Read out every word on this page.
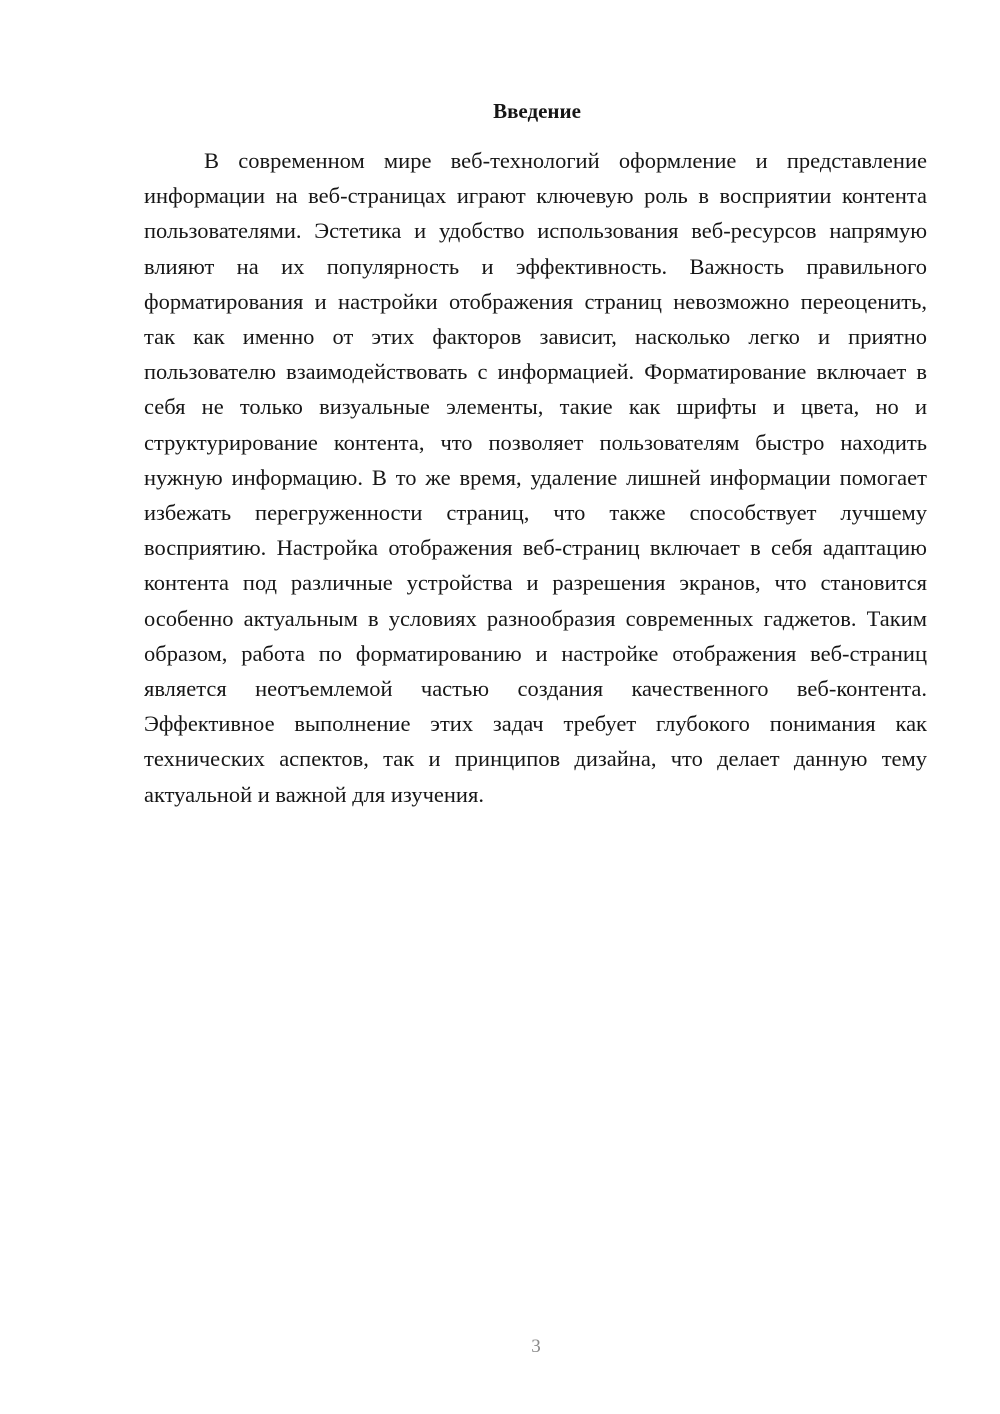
Введение

В современном мире веб-технологий оформление и представление информации на веб-страницах играют ключевую роль в восприятии контента пользователями. Эстетика и удобство использования веб-ресурсов напрямую влияют на их популярность и эффективность. Важность правильного форматирования и настройки отображения страниц невозможно переоценить, так как именно от этих факторов зависит, насколько легко и приятно пользователю взаимодействовать с информацией. Форматирование включает в себя не только визуальные элементы, такие как шрифты и цвета, но и структурирование контента, что позволяет пользователям быстро находить нужную информацию. В то же время, удаление лишней информации помогает избежать перегруженности страниц, что также способствует лучшему восприятию. Настройка отображения веб-страниц включает в себя адаптацию контента под различные устройства и разрешения экранов, что становится особенно актуальным в условиях разнообразия современных гаджетов. Таким образом, работа по форматированию и настройке отображения веб-страниц является неотъемлемой частью создания качественного веб-контента. Эффективное выполнение этих задач требует глубокого понимания как технических аспектов, так и принципов дизайна, что делает данную тему актуальной и важной для изучения.

3
